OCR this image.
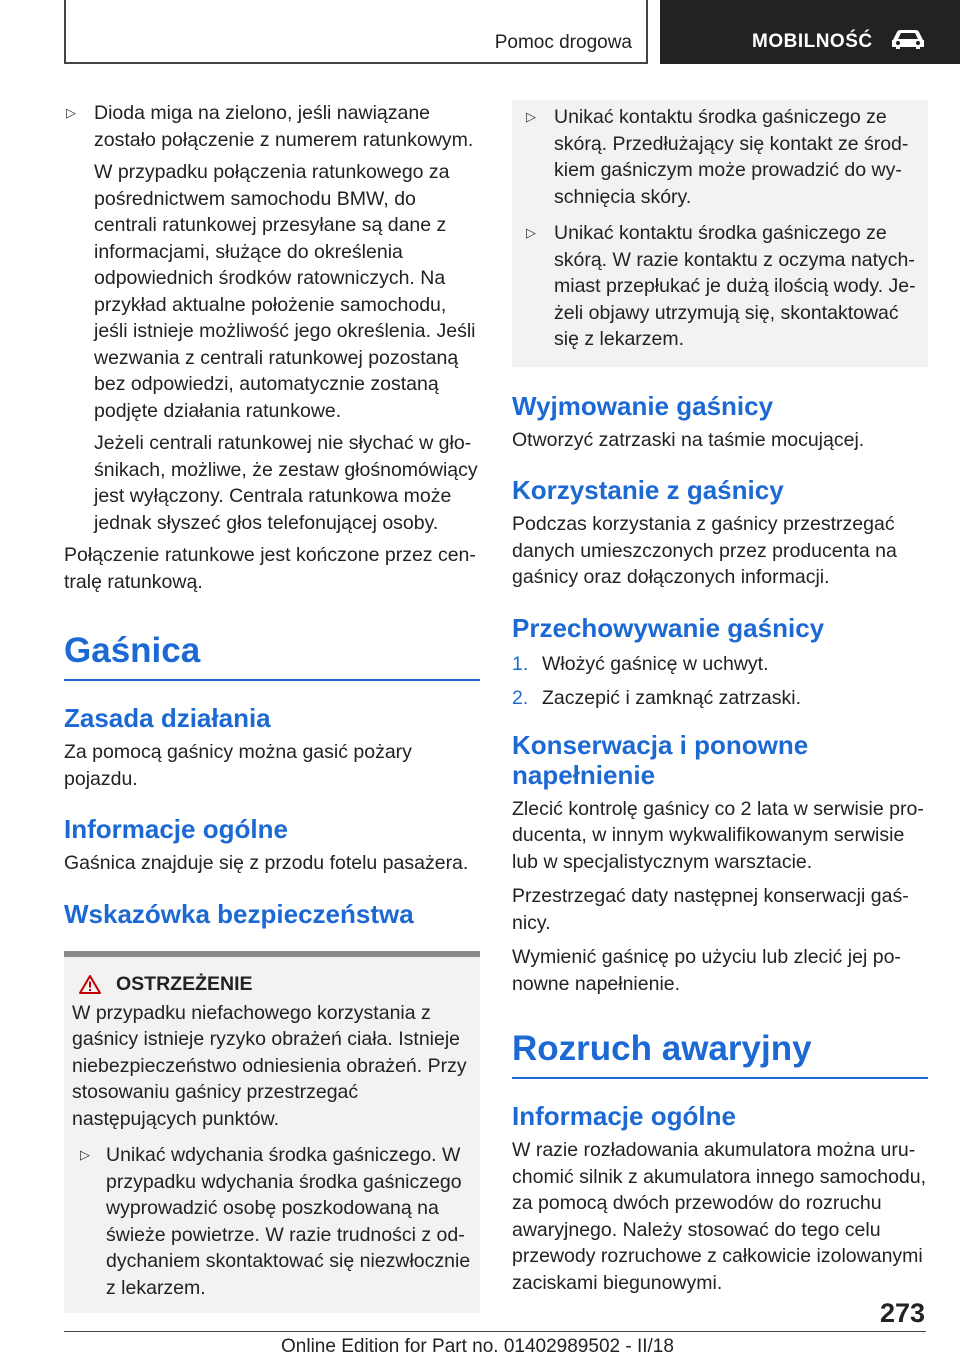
Pomoc drogowa	MOBILNOŚĆ
▷ Dioda miga na zielono, jeśli nawiązane zostało połączenie z numerem ratunkowym.

W przypadku połączenia ratunkowego za pośrednictwem samochodu BMW, do centrali ratunkowej przesyłane są dane z informacjami, służące do określenia odpowiednich środków ratowniczych. Na przykład aktualne położenie samochodu, jeśli istnieje możliwość jego określenia. Jeśli wezwania z centrali ratunkowej pozostaną bez odpowiedzi, automatycznie zostaną podjęte działania ratunkowe.

Jeżeli centrali ratunkowej nie słychać w głośnikach, możliwe, że zestaw głośnomówiący jest wyłączony. Centrala ratunkowa może jednak słyszeć głos telefonującej osoby.

Połączenie ratunkowe jest kończone przez centralę ratunkową.

Gaśnica
Zasada działania

Za pomocą gaśnicy można gasić pożary pojazdu.

Informacje ogólne

Gaśnica znajduje się z przodu fotelu pasażera.

Wskazówka bezpieczeństwa
OSTRZEŻENIE

W przypadku niefachowego korzystania z gaśnicy istnieje ryzyko obrażeń ciała. Istnieje niebezpieczeństwo odniesienia obrażeń. Przy stosowaniu gaśnicy przestrzegać następujących punktów.

▷ Unikać wdychania środka gaśniczego. W przypadku wdychania środka gaśniczego wyprowadzić osobę poszkodowaną na świeże powietrze. W razie trudności z oddychaniem skontaktować się niezwłocznie z lekarzem.

▷ Unikać kontaktu środka gaśniczego ze skórą. Przedłużający się kontakt ze środkiem gaśniczym może prowadzić do wyschnięcia skóry.

▷ Unikać kontaktu środka gaśniczego ze skórą. W razie kontaktu z oczyma natychmiast przepłukać je dużą ilością wody. Jeżeli objawy utrzymują się, skontaktować się z lekarzem.

Wyjmowanie gaśnicy

Otworzyć zatrzaski na taśmie mocującej.

Korzystanie z gaśnicy

Podczas korzystania z gaśnicy przestrzegać danych umieszczonych przez producenta na gaśnicy oraz dołączonych informacji.

Przechowywanie gaśnicy
1. Włożyć gaśnicę w uchwyt.
2. Zaczepić i zamknąć zatrzaski.
Konserwacja i ponowne napełnienie

Zlecić kontrolę gaśnicy co 2 lata w serwisie producenta, w innym wykwalifikowanym serwisie lub w specjalistycznym warsztacie.

Przestrzegać daty następnej konserwacji gaśnicy.

Wymienić gaśnicę po użyciu lub zlecić jej ponowne napełnienie.

Rozruch awaryjny
Informacje ogólne

W razie rozładowania akumulatora można uruchomić silnik z akumulatora innego samochodu, za pomocą dwóch przewodów do rozruchu awaryjnego. Należy stosować do tego celu przewody rozruchowe z całkowicie izolowanymi zaciskami biegunowymi.

273
Online Edition for Part no. 01402989502 - II/18
